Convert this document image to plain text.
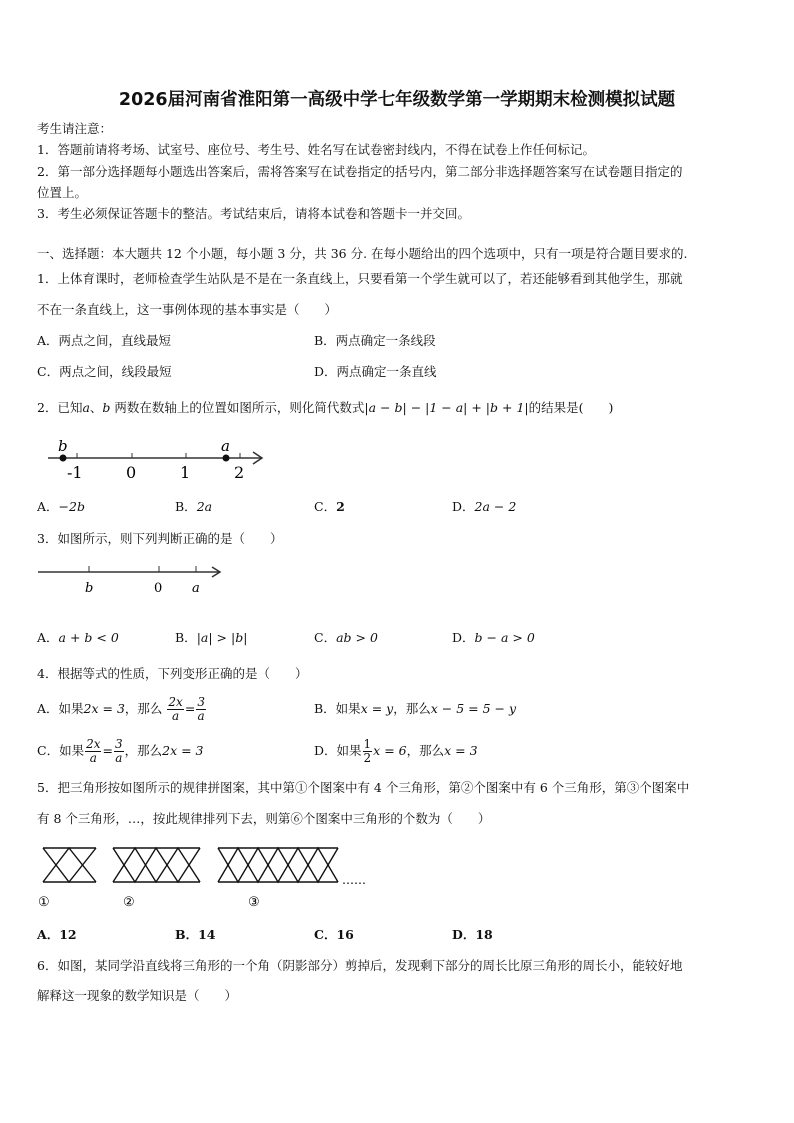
2026届河南省淮阳第一高级中学七年级数学第一学期期末检测模拟试题
考生请注意：
1．答题前请将考场、试室号、座位号、考生号、姓名写在试卷密封线内，不得在试卷上作任何标记。
2．第一部分选择题每小题选出答案后，需将答案写在试卷指定的括号内，第二部分非选择题答案写在试卷题目指定的
位置上。
3．考生必须保证答题卡的整洁。考试结束后，请将本试卷和答题卡一并交回。
一、选择题：本大题共 12 个小题，每小题 3 分，共 36 分. 在每小题给出的四个选项中，只有一项是符合题目要求的.
1．上体育课时，老师检查学生站队是不是在一条直线上，只要看第一个学生就可以了，若还能够看到其他学生，那就
不在一条直线上，这一事例体现的基本事实是（　　）
A．两点之间，直线最短	B．两点确定一条线段
C．两点之间，线段最短	D．两点确定一条直线
2．已知a、b 两数在数轴上的位置如图所示，则化简代数式|a − b| − |1 − a| + |b + 1|的结果是(　　)
b	a
-1	0	1	2
A．−2b	B．2a	C．2	D．2a − 2
3．如图所示，则下列判断正确的是（　　）
b	0 a
A．a + b < 0	B．|a| > |b|	C．ab > 0	D．b − a > 0
4．根据等式的性质，下列变形正确的是（　　）
A．如果2x = 3，那么 $\frac{2x}{a} = \frac{3}{a}$	B．如果x = y，那么x − 5 = 5 − y
C．如果 $\frac{2x}{a} = \frac{3}{a}$ ，那么2x = 3	D．如果 $\frac{1}{2}$ x = 6，那么x = 3
5．把三角形按如图所示的规律拼图案，其中第①个图案中有 4 个三角形，第②个图案中有 6 个三角形，第③个图案中
有 8 个三角形，…，按此规律排列下去，则第⑥个图案中三角形的个数为（　　）
……
①	②	③
A．12	B．14	C．16	D．18
6．如图，某同学沿直线将三角形的一个角（阴影部分）剪掉后，发现剩下部分的周长比原三角形的周长小，能较好地
解释这一现象的数学知识是（　　）
